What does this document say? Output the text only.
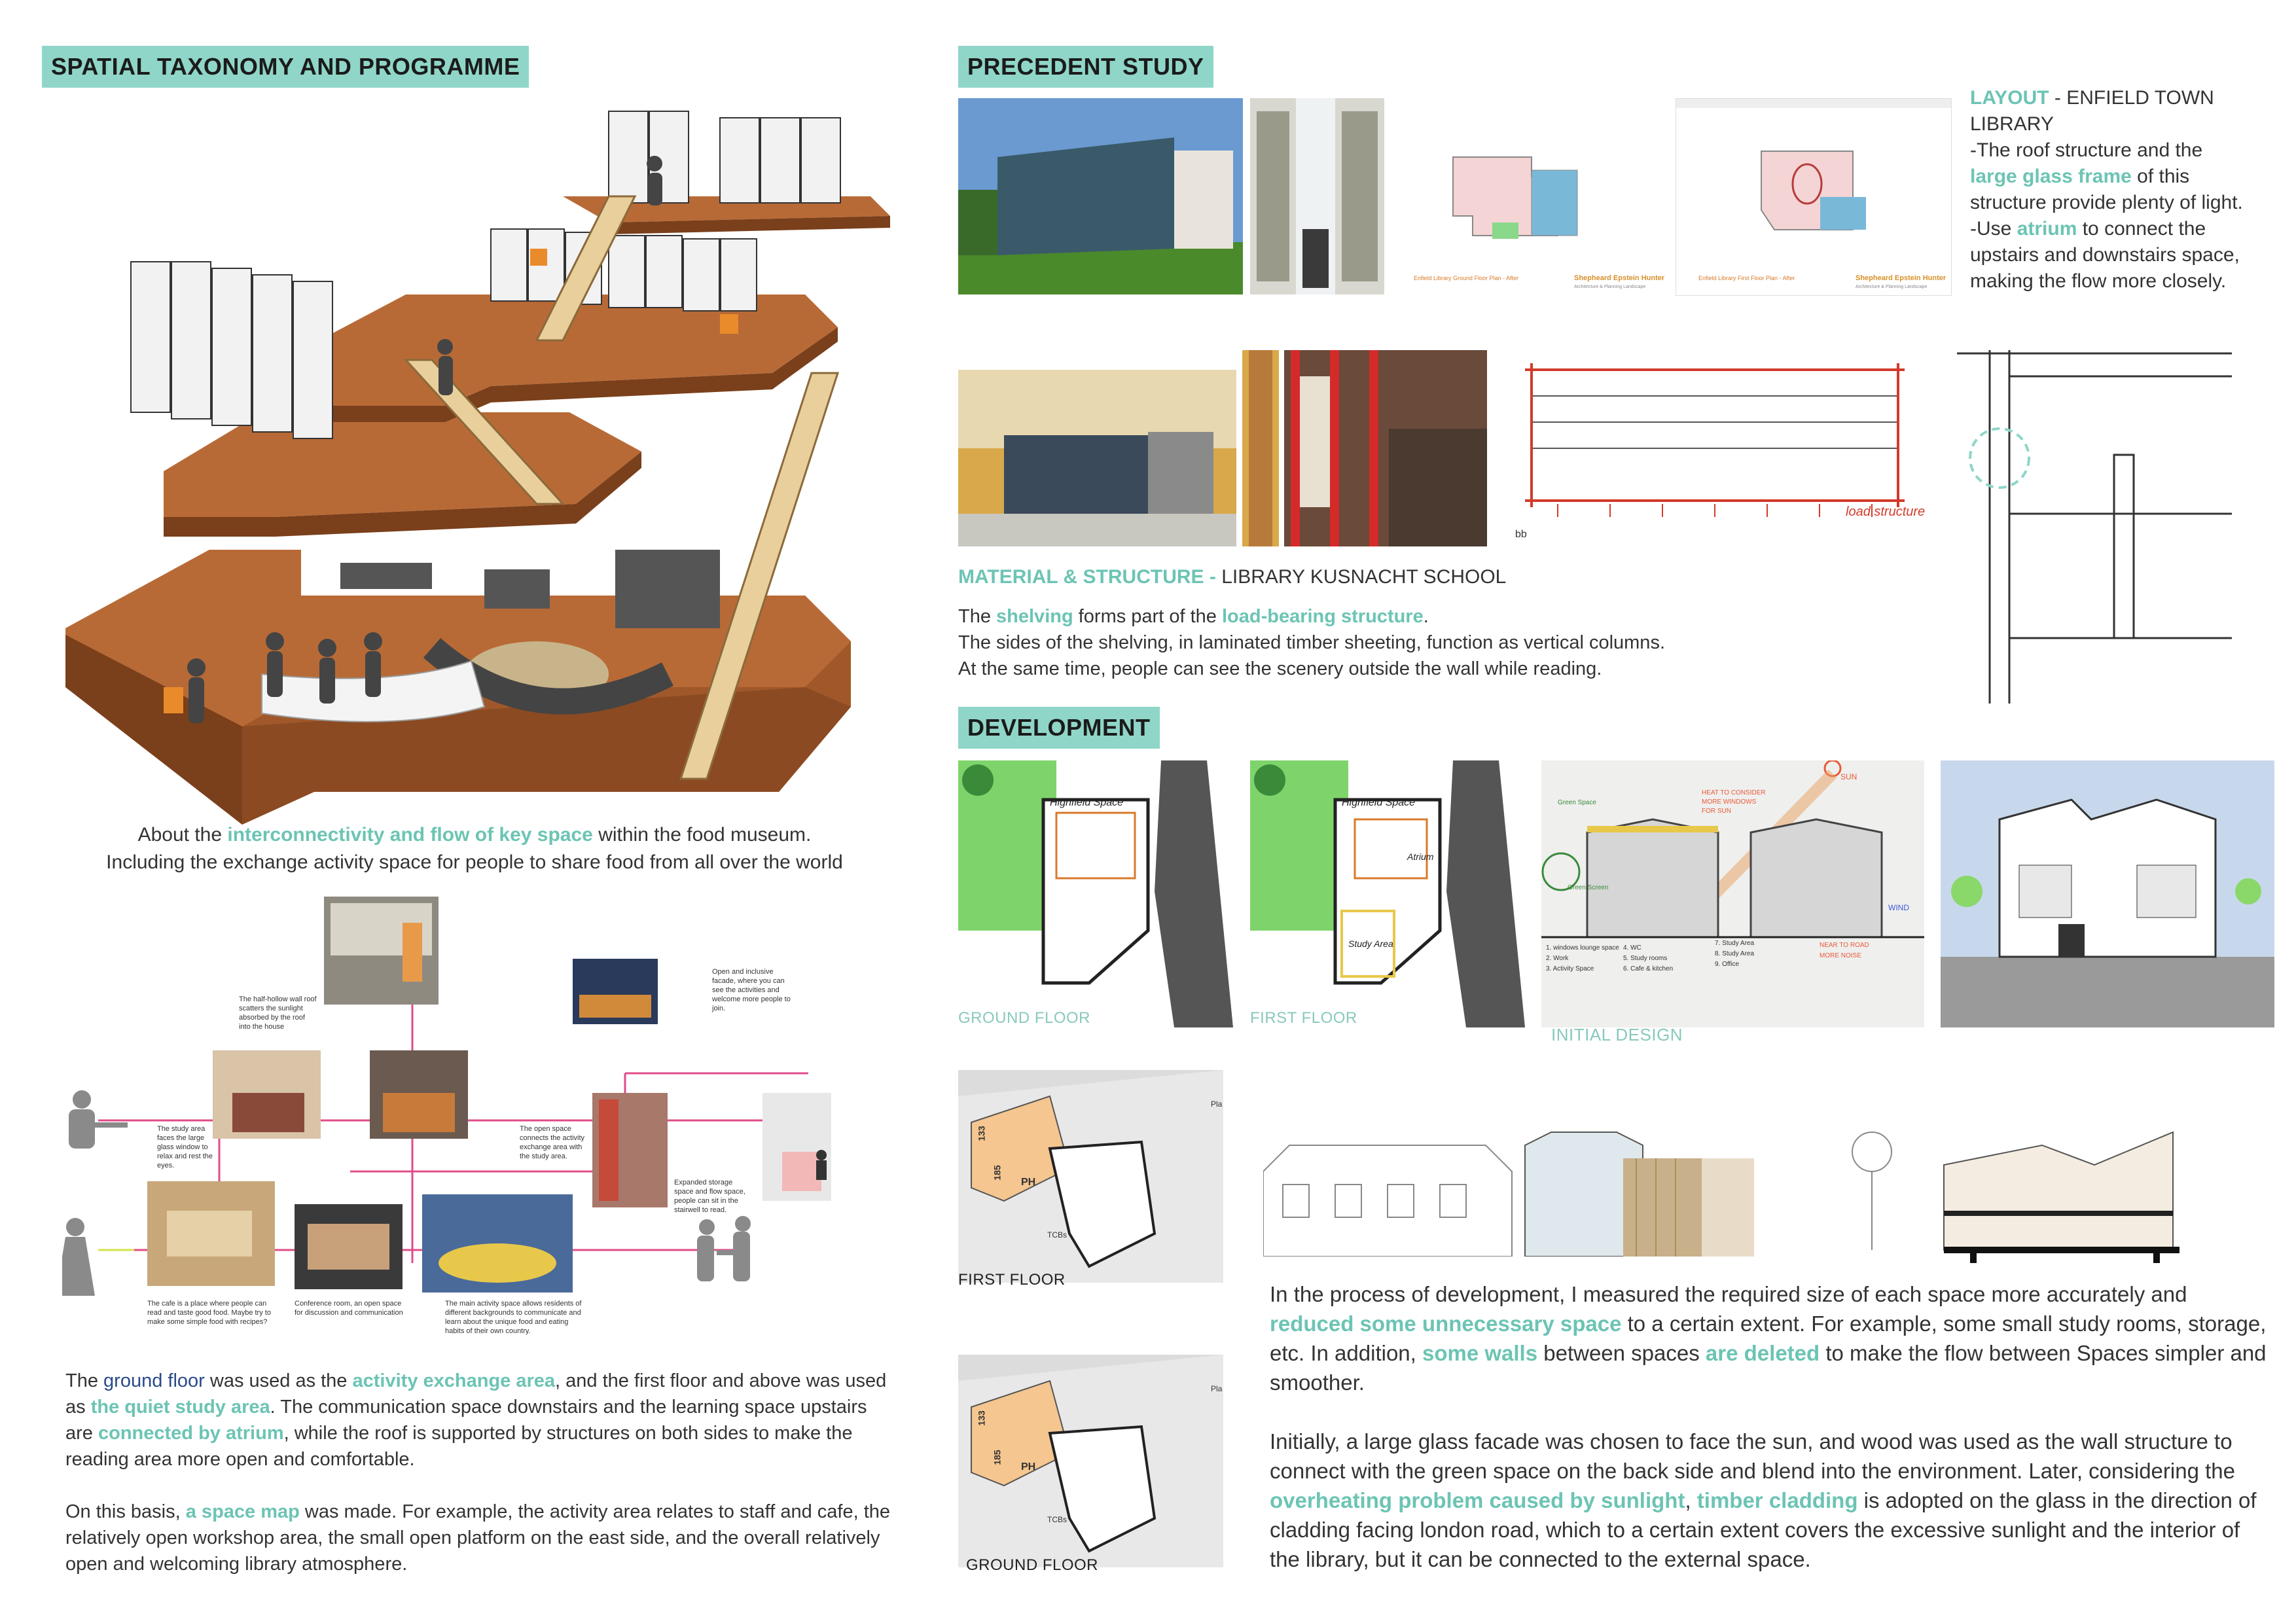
SPATIAL TAXONOMY AND PROGRAMME
About the interconnectivity and flow of key space within the food museum.
Including the exchange activity space for people to share food from all over the world
The half-hollow wall roof scatters the sunlight absorbed by the roof into the house
Open and inclusive facade, where you can see the activities and welcome more people to join.
The study area faces the large glass window to relax and rest the eyes.
The open space connects the activity exchange area with the study area.
Expanded storage space and flow space, people can sit in the stairwell to read.
The cafe is a place where people can read and taste good food. Maybe try to make some simple food with recipes?
Conference room, an open space for discussion and communication
The main activity space allows residents of different backgrounds to communicate and learn about the unique food and eating habits of their own country.
The ground floor was used as the activity exchange area, and the first floor and above was used as the quiet study area. The communication space downstairs and the learning space upstairs are connected by atrium, while the roof is supported by structures on both sides to make the reading area more open and comfortable.
On this basis, a space map was made. For example, the activity area relates to staff and cafe, the relatively open workshop area, the small open platform on the east side, and the overall relatively open and welcoming library atmosphere.
PRECEDENT STUDY
Enfield Library Ground Floor Plan - After	Shepheard Epstein Hunter
Architecture & Planning Landscape
Enfield Library First Floor Plan - After	Shepheard Epstein Hunter
Architecture & Planning Landscape
LAYOUT - ENFIELD TOWN LIBRARY
-The roof structure and the large glass frame of this structure provide plenty of light.
-Use atrium to connect the upstairs and downstairs space, making the flow more closely.
bb
load structure
MATERIAL & STRUCTURE - LIBRARY KUSNACHT SCHOOL
The shelving forms part of the load-bearing structure.
The sides of the shelving, in laminated timber sheeting, function as vertical columns.
At the same time, people can see the scenery outside the wall while reading.
DEVELOPMENT
Highfield Space
GROUND FLOOR
Highfield Space
Atrium
Study Area
FIRST FLOOR
SUN
HEAT TO CONSIDER MORE WINDOWS FOR SUN
Green Space
Green Screen
WIND
1. windows lounge space
2. Work
3. Activity Space
4. WC
5. Study rooms
6. Cafe & kitchen
7. Study Area
8. Study Area
9. Office
NEAR TO ROAD
MORE NOISE
INITIAL DESIGN
133
185
PH
TCBs
Pla
FIRST FLOOR
133
185
PH
TCBs
Pla
GROUND FLOOR
In the process of development, I measured the required size of each space more accurately and reduced some unnecessary space to a certain extent. For example, some small study rooms, storage, etc. In addition, some walls between spaces are deleted to make the flow between Spaces simpler and smoother.
Initially, a large glass facade was chosen to face the sun, and wood was used as the wall structure to connect with the green space on the back side and blend into the environment. Later, considering the overheating problem caused by sunlight, timber cladding is adopted on the glass in the direction of cladding facing london road, which to a certain extent covers the excessive sunlight and the interior of the library, but it can be connected to the external space.
